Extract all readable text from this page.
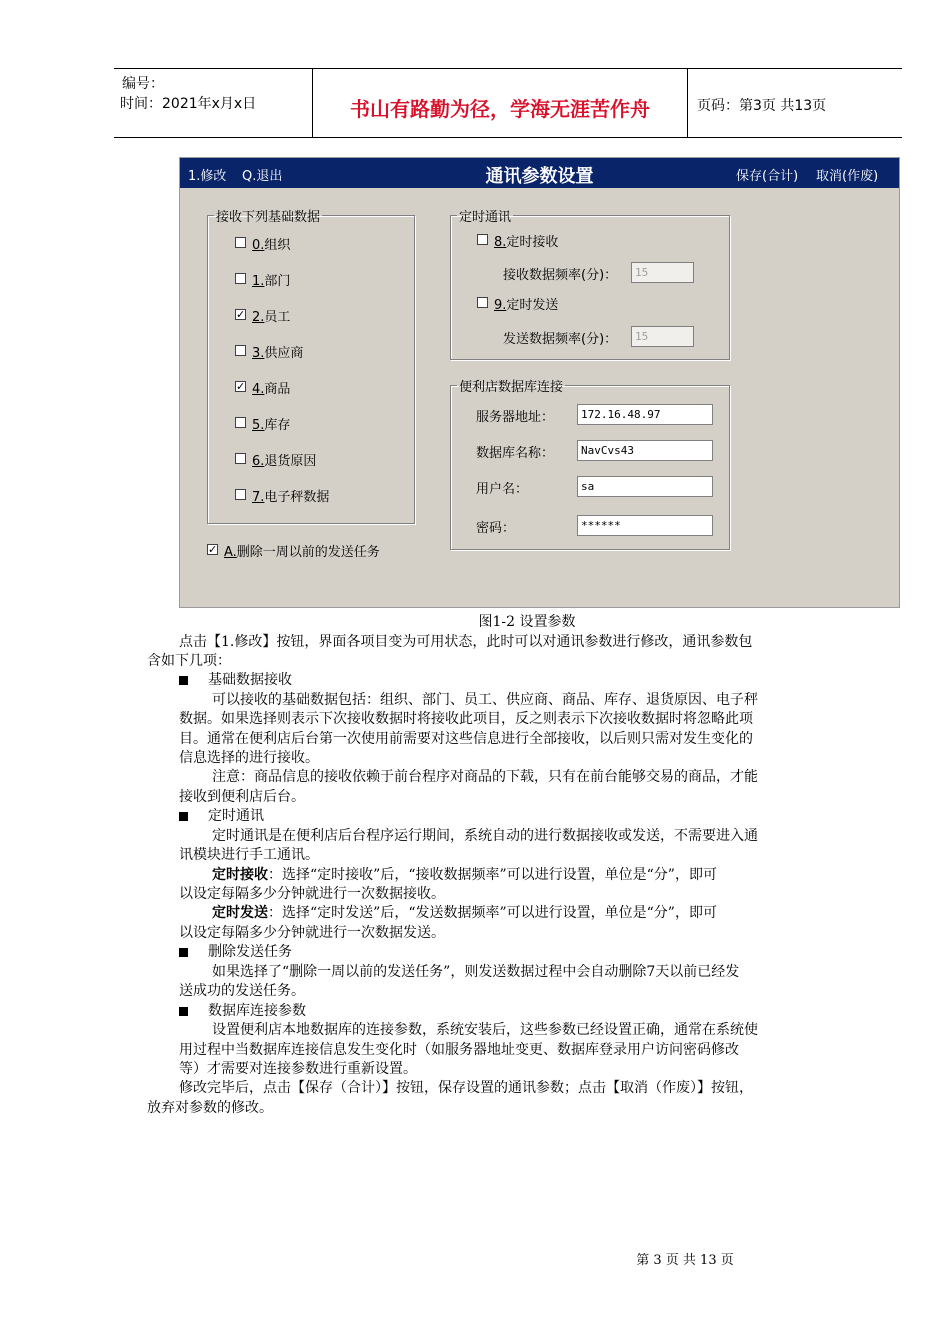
编号：
时间：2021年x月x日	书山有路勤为径，学海无涯苦作舟	页码：第3页 共13页
1.修改 Q.退出	通讯参数设置	保存(合计) 取消(作废)
接收下列基础数据
✓ A.删除一周以前的发送任务
定时通讯
8.定时接收
接收数据频率(分)：	15
9.定时发送
发送数据频率(分)：	15
便利店数据库连接
服务器地址：	172.16.48.97
数据库名称：	NavCvs43
用户名：	sa
密码：	******
0.组织
1.部门
✓ 2.员工
3.供应商
✓ 4.商品
5.库存
6.退货原因
7.电子秤数据
图1-2 设置参数
点击【1.修改】按钮，界面各项目变为可用状态，此时可以对通讯参数进行修改，通讯参数包
含如下几项：
基础数据接收
可以接收的基础数据包括：组织、部门、员工、供应商、商品、库存、退货原因、电子秤
数据。如果选择则表示下次接收数据时将接收此项目，反之则表示下次接收数据时将忽略此项
目。通常在便利店后台第一次使用前需要对这些信息进行全部接收，以后则只需对发生变化的
信息选择的进行接收。
注意：商品信息的接收依赖于前台程序对商品的下载，只有在前台能够交易的商品，才能
接收到便利店后台。
定时通讯
定时通讯是在便利店后台程序运行期间，系统自动的进行数据接收或发送，不需要进入通
讯模块进行手工通讯。
定时接收：选择“定时接收”后，“接收数据频率”可以进行设置，单位是“分”，即可
以设定每隔多少分钟就进行一次数据接收。
定时发送：选择“定时发送”后，“发送数据频率”可以进行设置，单位是“分”，即可
以设定每隔多少分钟就进行一次数据发送。
删除发送任务
如果选择了“删除一周以前的发送任务”，则发送数据过程中会自动删除7天以前已经发
送成功的发送任务。
数据库连接参数
设置便利店本地数据库的连接参数，系统安装后，这些参数已经设置正确，通常在系统使
用过程中当数据库连接信息发生变化时（如服务器地址变更、数据库登录用户访问密码修改
等）才需要对连接参数进行重新设置。
修改完毕后，点击【保存（合计）】按钮，保存设置的通讯参数；点击【取消（作废）】按钮，
放弃对参数的修改。
第 3 页 共 13 页
